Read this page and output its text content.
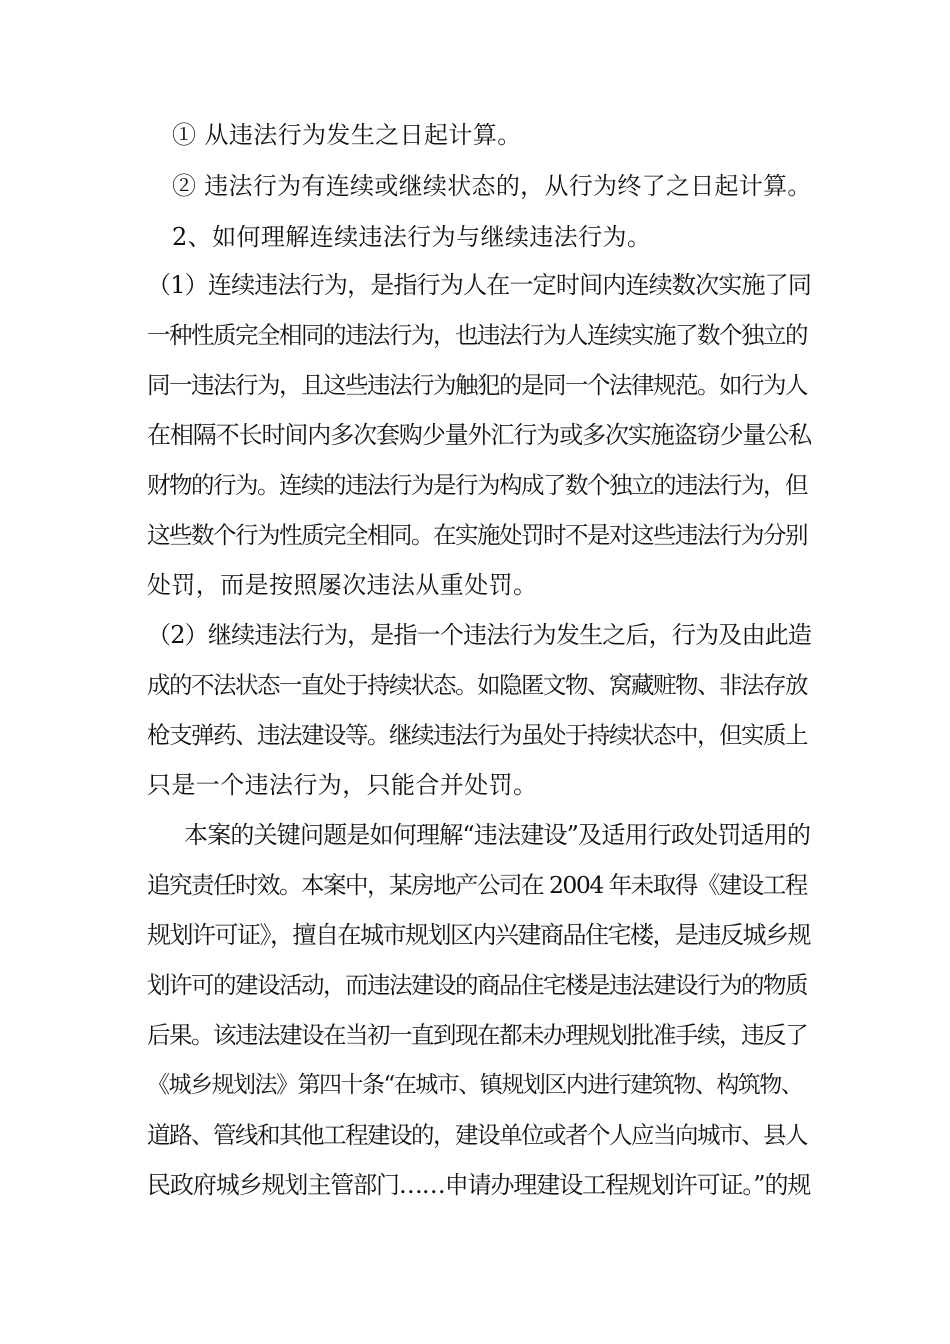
① 从违法行为发生之日起计算。
② 违法行为有连续或继续状态的，从行为终了之日起计算。
2、如何理解连续违法行为与继续违法行为。
（1）连续违法行为，是指行为人在一定时间内连续数次实施了同
一种性质完全相同的违法行为，也违法行为人连续实施了数个独立的
同一违法行为，且这些违法行为触犯的是同一个法律规范。如行为人
在相隔不长时间内多次套购少量外汇行为或多次实施盗窃少量公私
财物的行为。连续的违法行为是行为构成了数个独立的违法行为，但
这些数个行为性质完全相同。在实施处罚时不是对这些违法行为分别
处罚，而是按照屡次违法从重处罚。
（2）继续违法行为，是指一个违法行为发生之后，行为及由此造
成的不法状态一直处于持续状态。如隐匿文物、窝藏赃物、非法存放
枪支弹药、违法建设等。继续违法行为虽处于持续状态中，但实质上
只是一个违法行为，只能合并处罚。
本案的关键问题是如何理解“违法建设”及适用行政处罚适用的
追究责任时效。本案中，某房地产公司在 2004 年未取得《建设工程
规划许可证》，擅自在城市规划区内兴建商品住宅楼，是违反城乡规
划许可的建设活动，而违法建设的商品住宅楼是违法建设行为的物质
后果。该违法建设在当初一直到现在都未办理规划批准手续，违反了
《城乡规划法》第四十条“在城市、镇规划区内进行建筑物、构筑物、
道路、管线和其他工程建设的，建设单位或者个人应当向城市、县人
民政府城乡规划主管部门……申请办理建设工程规划许可证。”的规
